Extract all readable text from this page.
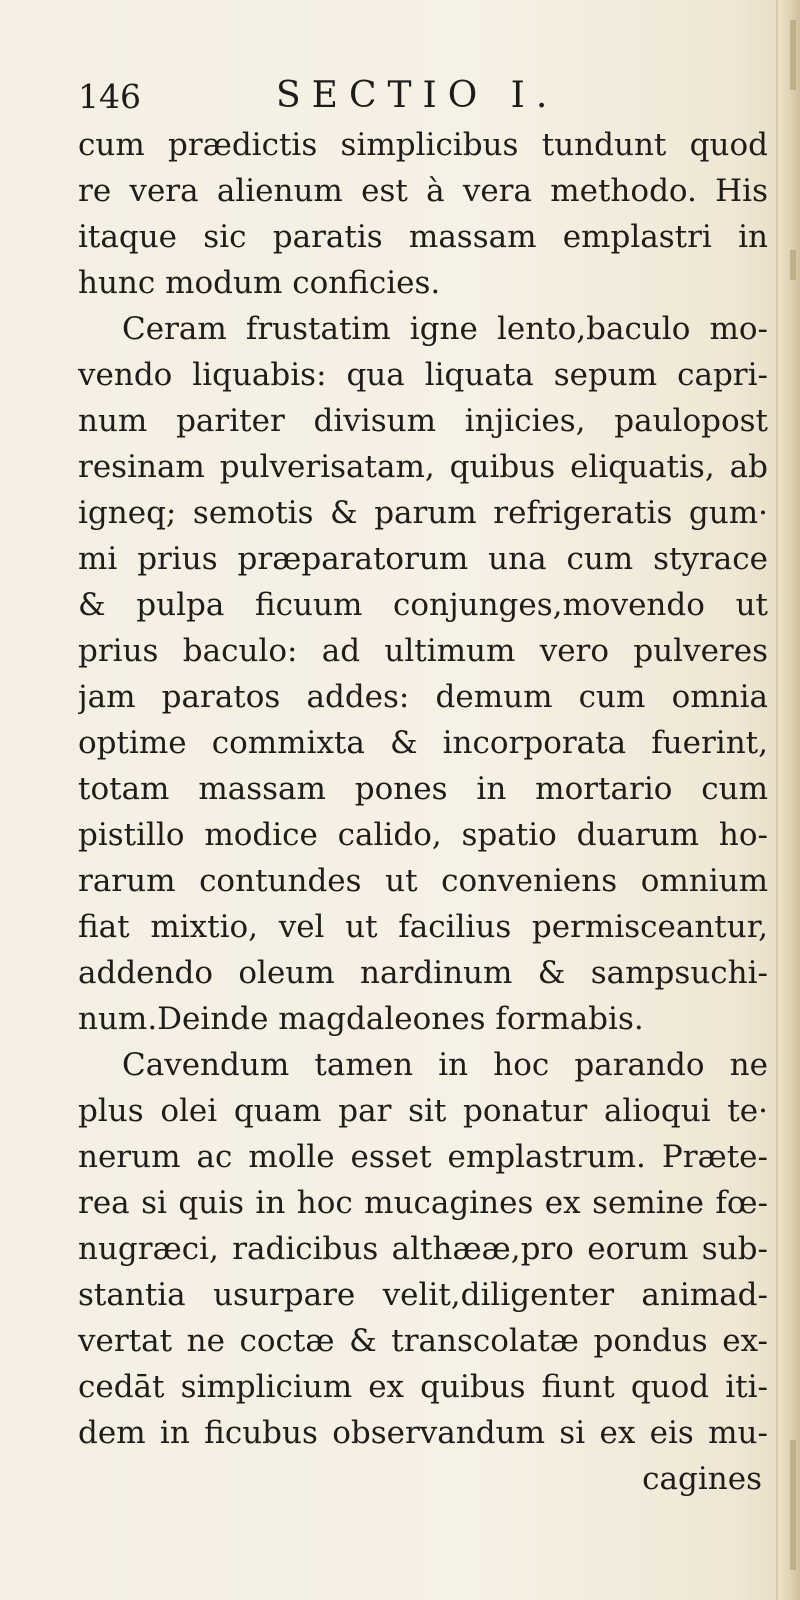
146	SECTIO I.
cum prædictis simplicibus tundunt quod
re vera alienum est à vera methodo. His
itaque sic paratis massam emplastri in
hunc modum conficies.
Ceram frustatim igne lento,baculo mo-
vendo liquabis: qua liquata sepum capri-
num pariter divisum injicies, paulopost
resinam pulverisatam, quibus eliquatis, ab
igneq; semotis & parum refrigeratis gum·
mi prius præparatorum una cum styrace
& pulpa ficuum conjunges,movendo ut
prius baculo: ad ultimum vero pulveres
jam paratos addes: demum cum omnia
optime commixta & incorporata fuerint,
totam massam pones in mortario cum
pistillo modice calido, spatio duarum ho-
rarum contundes ut conveniens omnium
fiat mixtio, vel ut facilius permisceantur,
addendo oleum nardinum & sampsuchi-
num.Deinde magdaleones formabis.
Cavendum tamen in hoc parando ne
plus olei quam par sit ponatur alioqui te·
nerum ac molle esset emplastrum. Præte-
rea si quis in hoc mucagines ex semine fœ-
nugræci, radicibus althææ,pro eorum sub-
stantia usurpare velit,diligenter animad-
vertat ne coctæ & transcolatæ pondus ex-
cedāt simplicium ex quibus fiunt quod iti-
dem in ficubus observandum si ex eis mu-
cagines
